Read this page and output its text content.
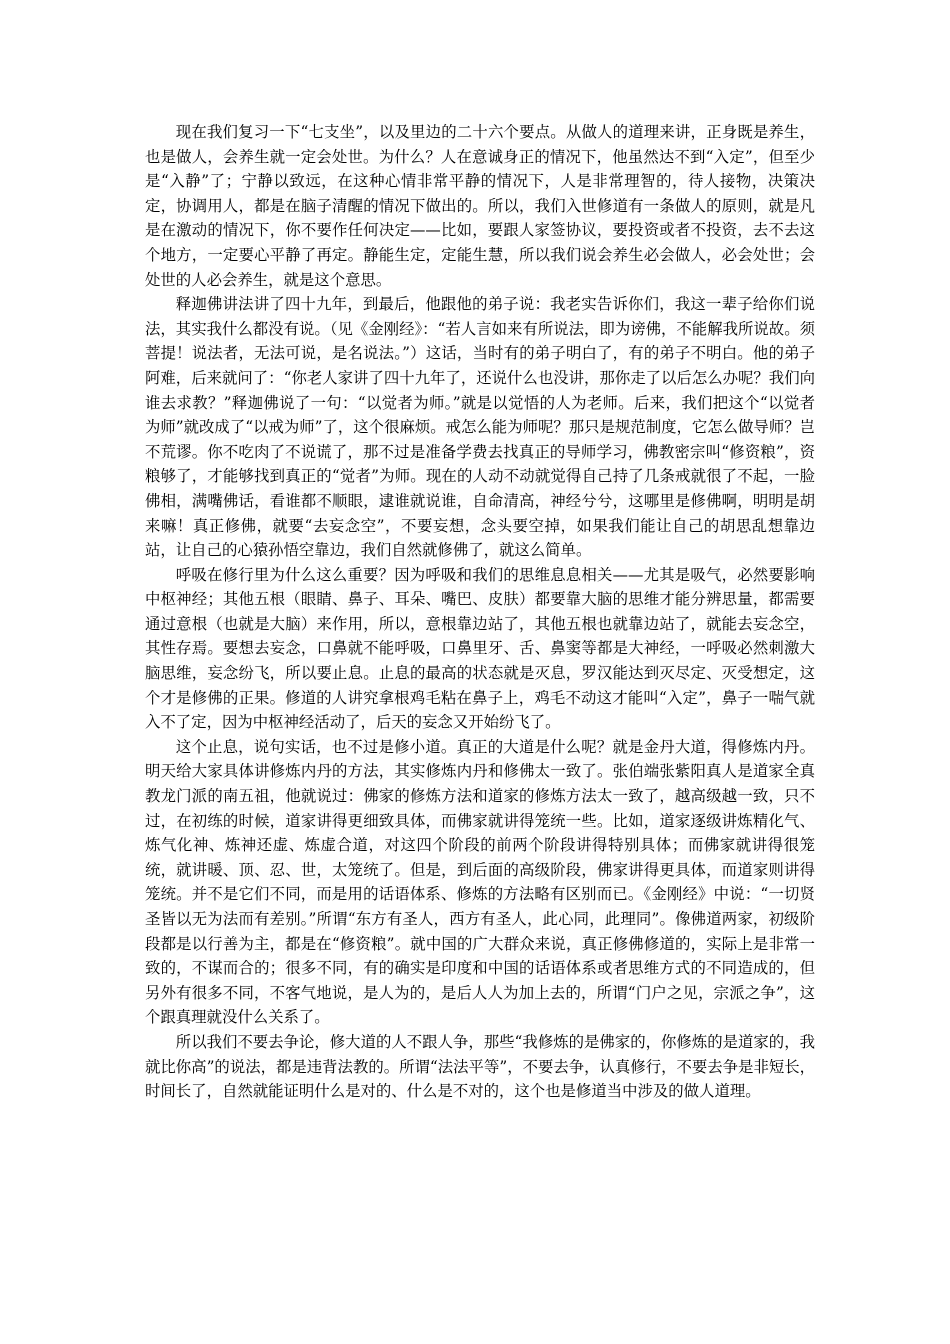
现在我们复习一下“七支坐”，以及里边的二十六个要点。从做人的道理来讲，正身既是养生，也是做人，会养生就一定会处世。为什么？人在意诚身正的情况下，他虽然达不到“入定”，但至少是“入静”了；宁静以致远，在这种心情非常平静的情况下，人是非常理智的，待人接物，决策决定，协调用人，都是在脑子清醒的情况下做出的。所以，我们入世修道有一条做人的原则，就是凡是在激动的情况下，你不要作任何决定——比如，要跟人家签协议，要投资或者不投资，去不去这个地方，一定要心平静了再定。静能生定，定能生慧，所以我们说会养生必会做人，必会处世；会处世的人必会养生，就是这个意思。

释迦佛讲法讲了四十九年，到最后，他跟他的弟子说：我老实告诉你们，我这一辈子给你们说法，其实我什么都没有说。（见《金刚经》：“若人言如来有所说法，即为谤佛，不能解我所说故。须菩提！说法者，无法可说，是名说法。”）这话，当时有的弟子明白了，有的弟子不明白。他的弟子阿难，后来就问了：“你老人家讲了四十九年了，还说什么也没讲，那你走了以后怎么办呢？我们向谁去求教？”释迦佛说了一句：“以觉者为师。”就是以觉悟的人为老师。后来，我们把这个“以觉者为师”就改成了“以戒为师”了，这个很麻烦。戒怎么能为师呢？那只是规范制度，它怎么做导师？岂不荒谬。你不吃肉了不说谎了，那不过是准备学费去找真正的导师学习，佛教密宗叫“修资粮”，资粮够了，才能够找到真正的“觉者”为师。现在的人动不动就觉得自己持了几条戒就很了不起，一脸佛相，满嘴佛话，看谁都不顺眼，逮谁就说谁，自命清高，神经兮兮，这哪里是修佛啊，明明是胡来嘛！真正修佛，就要“去妄念空”，不要妄想，念头要空掉，如果我们能让自己的胡思乱想靠边站，让自己的心猿孙悟空靠边，我们自然就修佛了，就这么简单。

呼吸在修行里为什么这么重要？因为呼吸和我们的思维息息相关——尤其是吸气，必然要影响中枢神经；其他五根（眼睛、鼻子、耳朵、嘴巴、皮肤）都要靠大脑的思维才能分辨思量，都需要通过意根（也就是大脑）来作用，所以，意根靠边站了，其他五根也就靠边站了，就能去妄念空，其性存焉。要想去妄念，口鼻就不能呼吸，口鼻里牙、舌、鼻窦等都是大神经，一呼吸必然刺激大脑思维，妄念纷飞，所以要止息。止息的最高的状态就是灭息，罗汉能达到灭尽定、灭受想定，这个才是修佛的正果。修道的人讲究拿根鸡毛粘在鼻子上，鸡毛不动这才能叫“入定”，鼻子一喘气就入不了定，因为中枢神经活动了，后天的妄念又开始纷飞了。

这个止息，说句实话，也不过是修小道。真正的大道是什么呢？就是金丹大道，得修炼内丹。明天给大家具体讲修炼内丹的方法，其实修炼内丹和修佛太一致了。张伯端张紫阳真人是道家全真教龙门派的南五祖，他就说过：佛家的修炼方法和道家的修炼方法太一致了，越高级越一致，只不过，在初练的时候，道家讲得更细致具体，而佛家就讲得笼统一些。比如，道家逐级讲炼精化气、炼气化神、炼神还虚、炼虚合道，对这四个阶段的前两个阶段讲得特别具体；而佛家就讲得很笼统，就讲暖、顶、忍、世，太笼统了。但是，到后面的高级阶段，佛家讲得更具体，而道家则讲得笼统。并不是它们不同，而是用的话语体系、修炼的方法略有区别而已。《金刚经》中说：“一切贤圣皆以无为法而有差别。”所谓“东方有圣人，西方有圣人，此心同，此理同”。像佛道两家，初级阶段都是以行善为主，都是在“修资粮”。就中国的广大群众来说，真正修佛修道的，实际上是非常一致的，不谋而合的；很多不同，有的确实是印度和中国的话语体系或者思维方式的不同造成的，但另外有很多不同，不客气地说，是人为的，是后人人为加上去的，所谓“门户之见，宗派之争”，这个跟真理就没什么关系了。

所以我们不要去争论，修大道的人不跟人争，那些“我修炼的是佛家的，你修炼的是道家的，我就比你高”的说法，都是违背法教的。所谓“法法平等”，不要去争，认真修行，不要去争是非短长，时间长了，自然就能证明什么是对的、什么是不对的，这个也是修道当中涉及的做人道理。
